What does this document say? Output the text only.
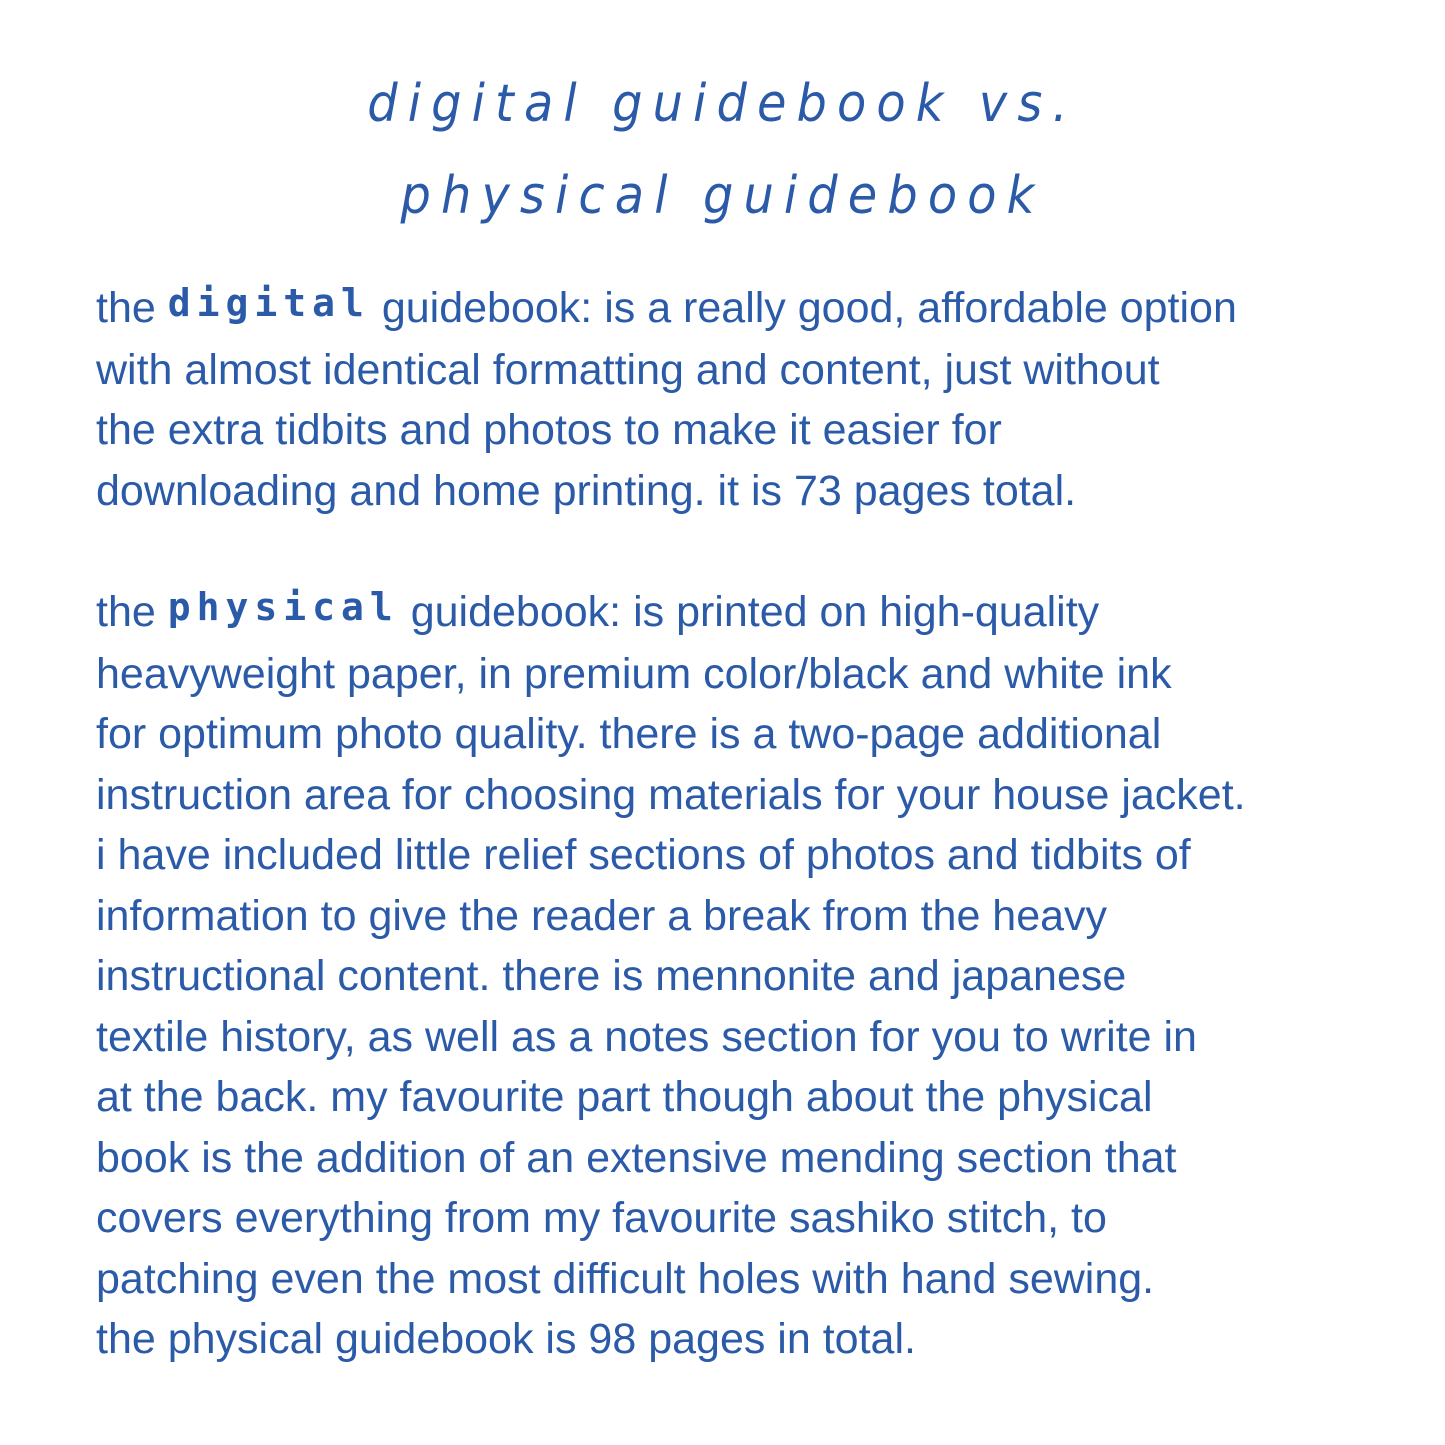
digital guidebook vs.
physical guidebook
the digital guidebook: is a really good, affordable option
with almost identical formatting and content, just without
the extra tidbits and photos to make it easier for
downloading and home printing. it is 73 pages total.
the physical guidebook: is printed on high-quality
heavyweight paper, in premium color/black and white ink
for optimum photo quality. there is a two-page additional
instruction area for choosing materials for your house jacket.
i have included little relief sections of photos and tidbits of
information to give the reader a break from the heavy
instructional content. there is mennonite and japanese
textile history, as well as a notes section for you to write in
at the back. my favourite part though about the physical
book is the addition of an extensive mending section that
covers everything from my favourite sashiko stitch, to
patching even the most difficult holes with hand sewing.
the physical guidebook is 98 pages in total.
